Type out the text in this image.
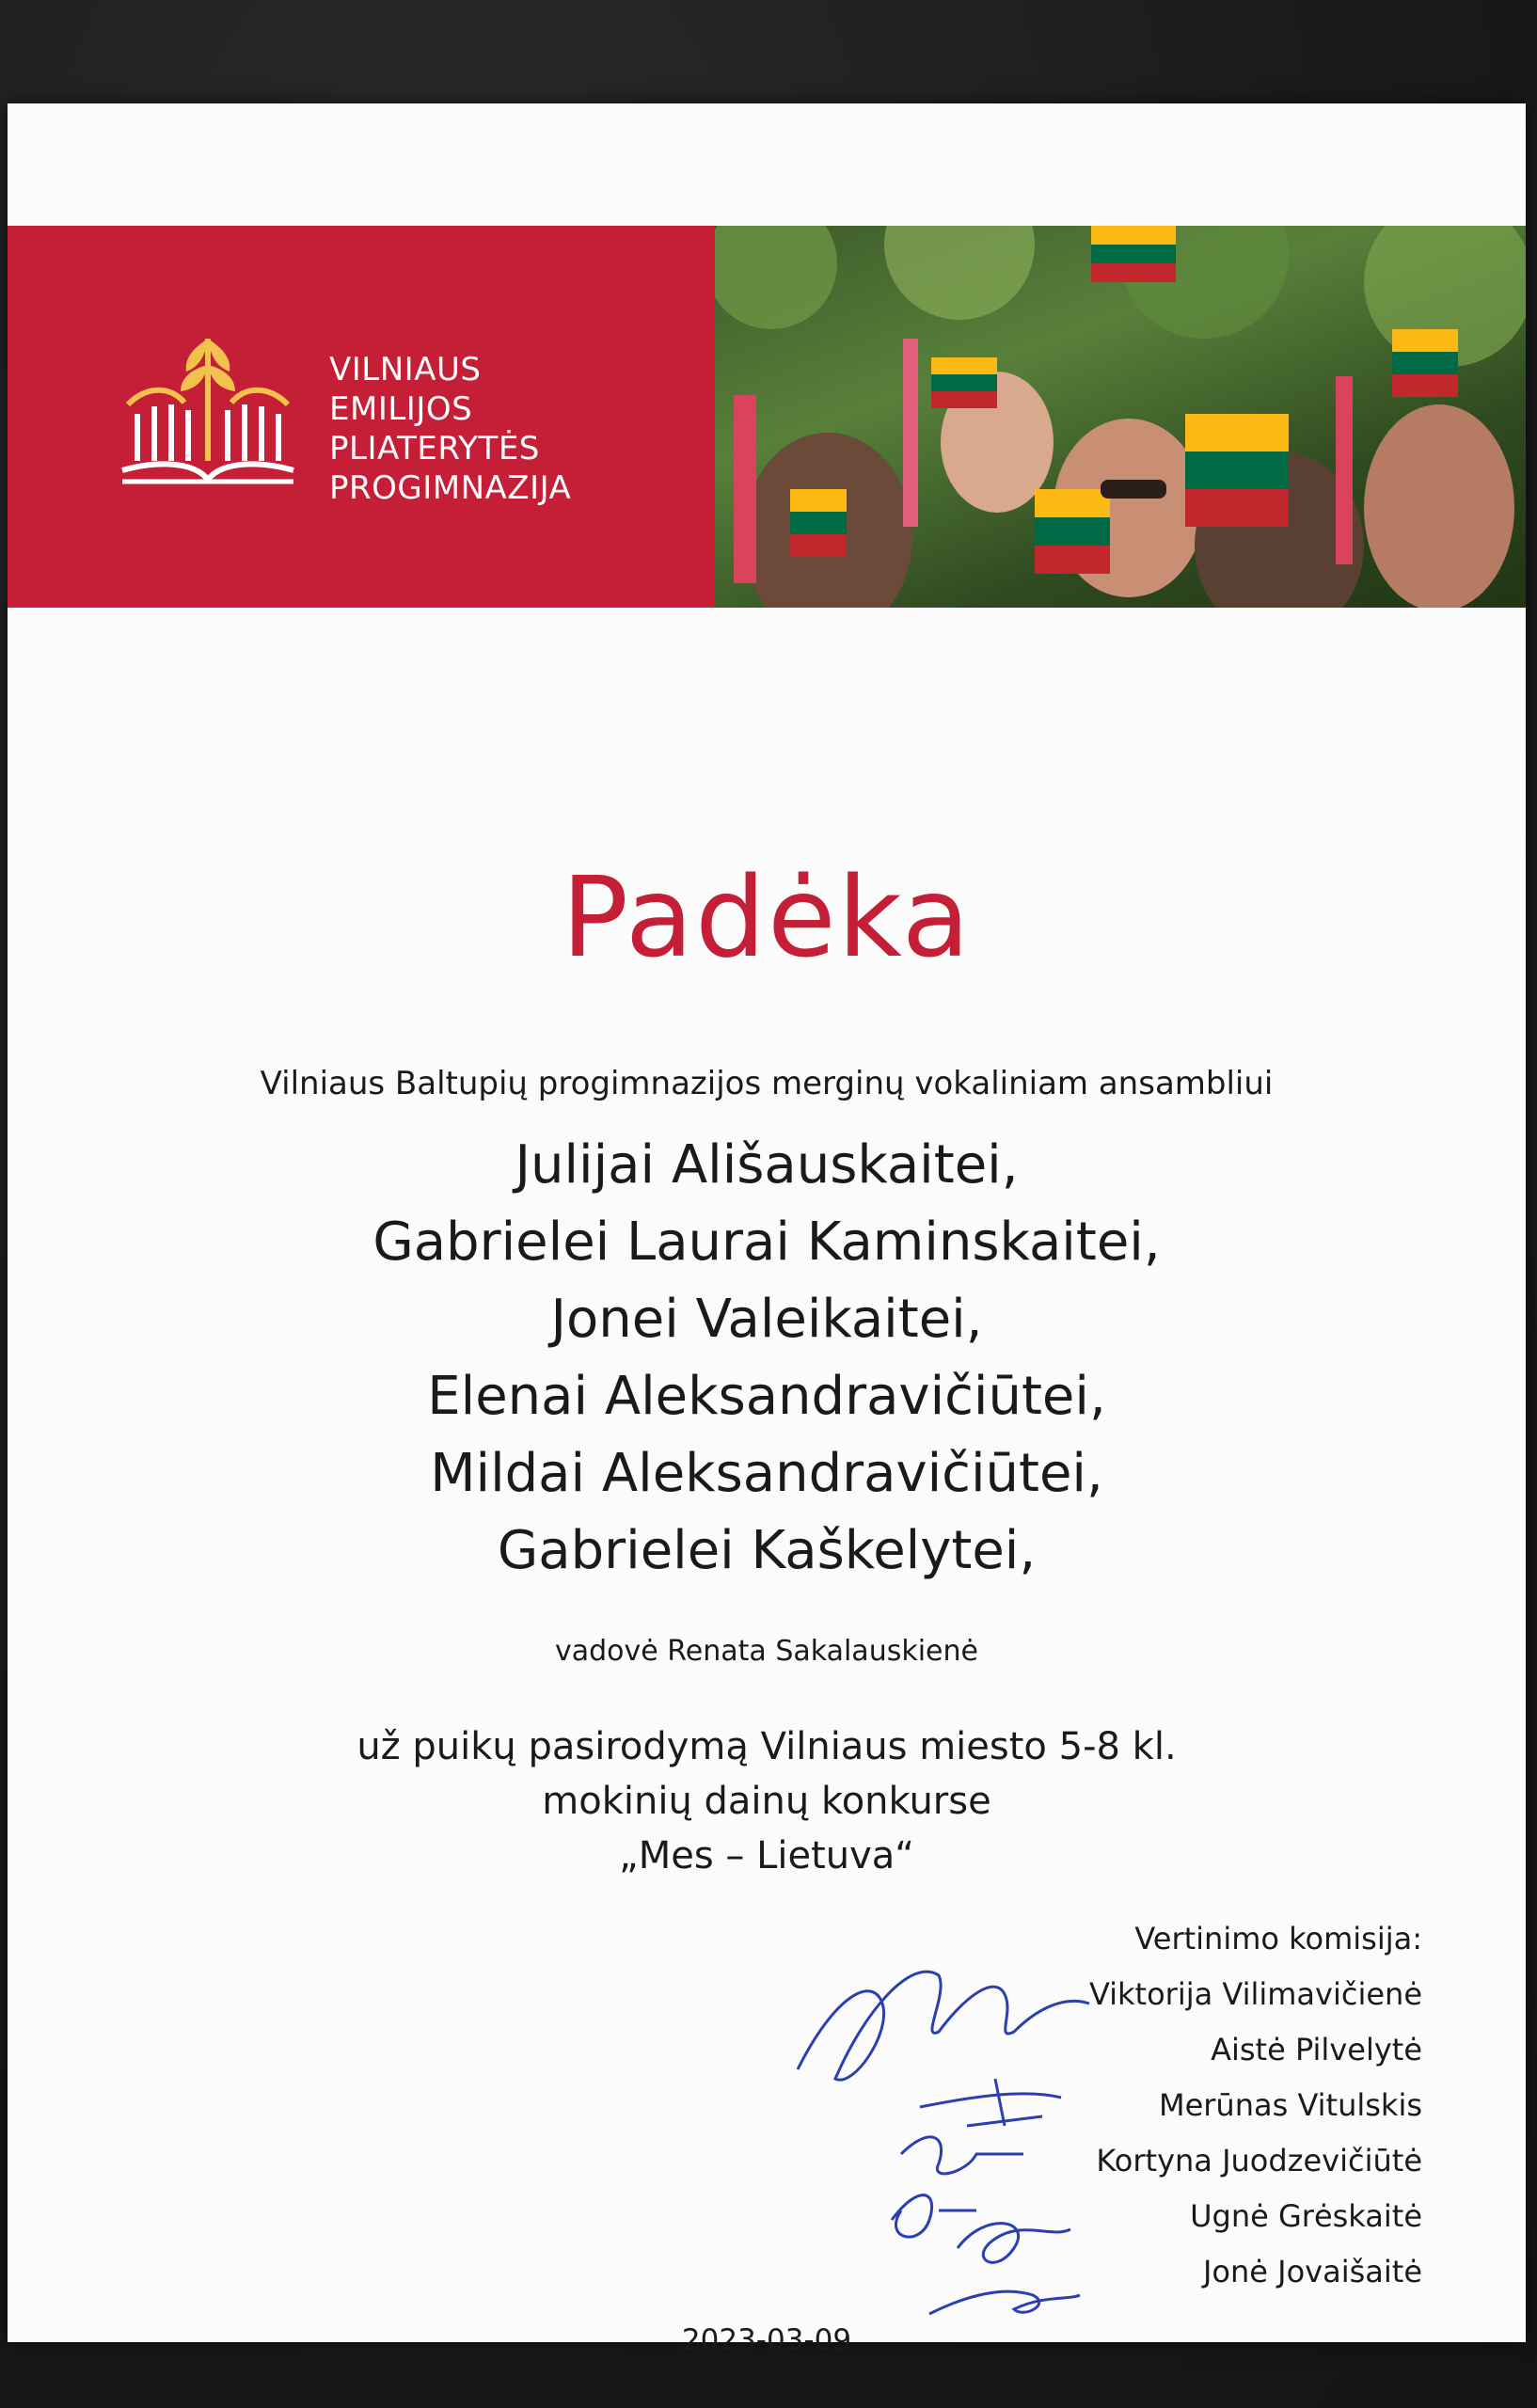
VILNIAUS
EMILIJOS
PLIATERYTĖS
PROGIMNAZIJA
Padėka
Vilniaus Baltupių progimnazijos merginų vokaliniam ansambliui
Julijai Ališauskaitei,
Gabrielei Laurai Kaminskaitei,
Jonei Valeikaitei,
Elenai Aleksandravičiūtei,
Mildai Aleksandravičiūtei,
Gabrielei Kaškelytei,
vadovė Renata Sakalauskienė
už puikų pasirodymą Vilniaus miesto 5-8 kl.
mokinių dainų konkurse
„Mes – Lietuva“
Vertinimo komisija:
Viktorija Vilimavičienė
Aistė Pilvelytė
Merūnas Vitulskis
Kortyna Juodzevičiūtė
Ugnė Grėskaitė
Jonė Jovaišaitė
2023-03-09
